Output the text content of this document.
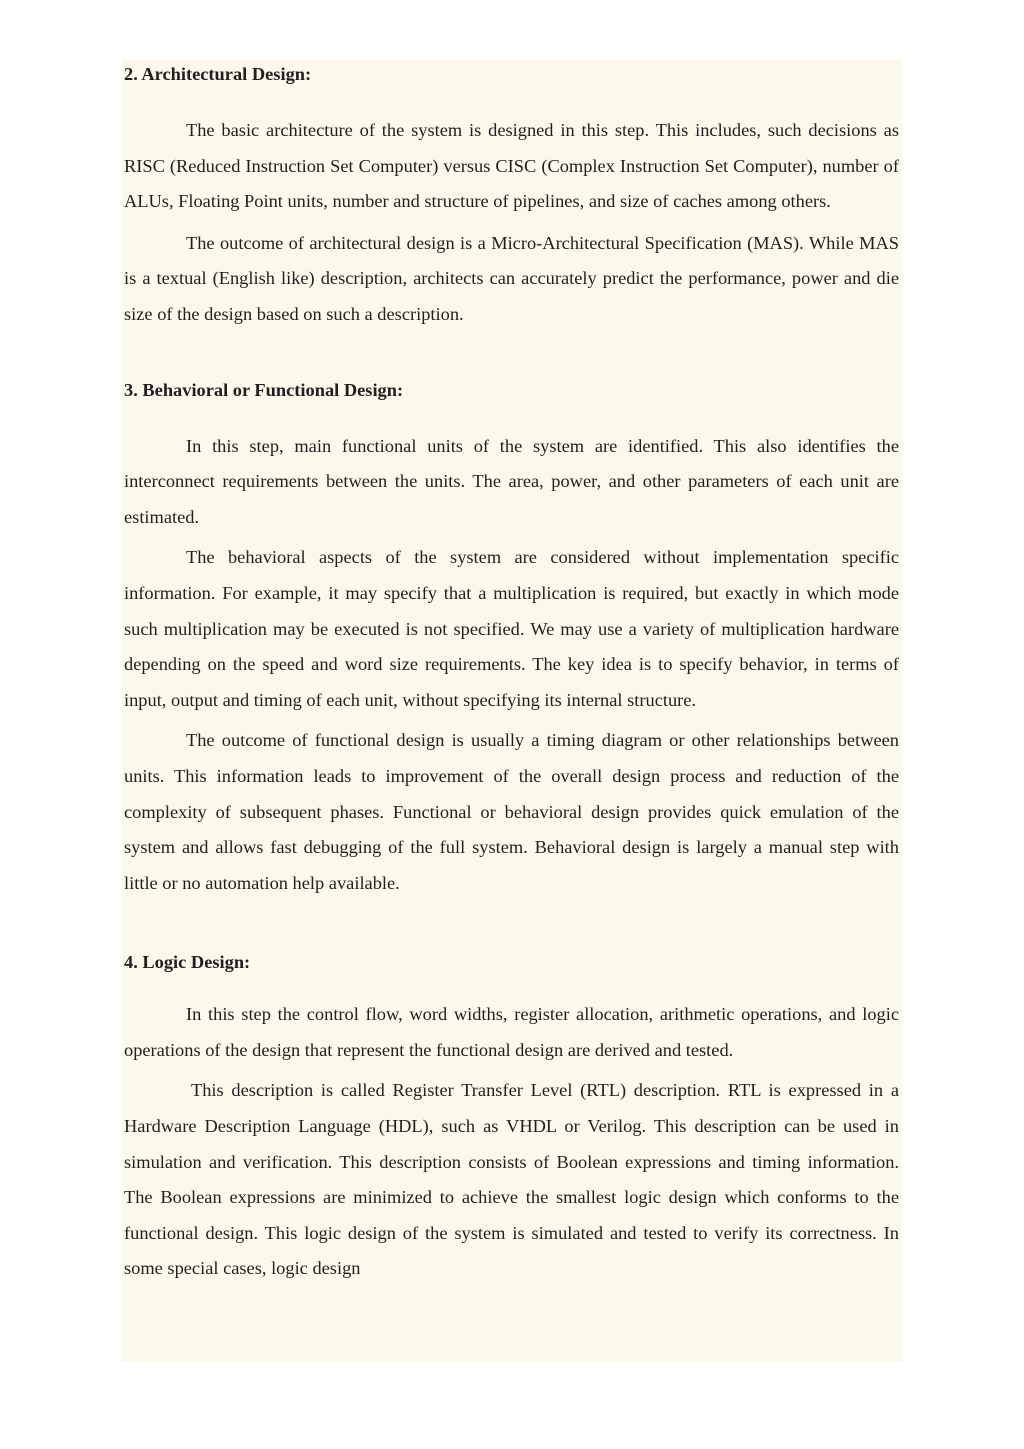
2. Architectural Design:

The basic architecture of the system is designed in this step. This includes, such decisions as RISC (Reduced Instruction Set Computer) versus CISC (Complex Instruction Set Computer), number of ALUs, Floating Point units, number and structure of pipelines, and size of caches among others.

The outcome of architectural design is a Micro-Architectural Specification (MAS). While MAS is a textual (English like) description, architects can accurately predict the performance, power and die size of the design based on such a description.

3. Behavioral or Functional Design:

In this step, main functional units of the system are identified. This also identifies the interconnect requirements between the units. The area, power, and other parameters of each unit are estimated.

The behavioral aspects of the system are considered without implementation specific information. For example, it may specify that a multiplication is required, but exactly in which mode such multiplication may be executed is not specified. We may use a variety of multiplication hardware depending on the speed and word size requirements. The key idea is to specify behavior, in terms of input, output and timing of each unit, without specifying its internal structure.

The outcome of functional design is usually a timing diagram or other relationships between units. This information leads to improvement of the overall design process and reduction of the complexity of subsequent phases. Functional or behavioral design provides quick emulation of the system and allows fast debugging of the full system. Behavioral design is largely a manual step with little or no automation help available.

4. Logic Design:

In this step the control flow, word widths, register allocation, arithmetic operations, and logic operations of the design that represent the functional design are derived and tested.

This description is called Register Transfer Level (RTL) description. RTL is expressed in a Hardware Description Language (HDL), such as VHDL or Verilog. This description can be used in simulation and verification. This description consists of Boolean expressions and timing information. The Boolean expressions are minimized to achieve the smallest logic design which conforms to the functional design. This logic design of the system is simulated and tested to verify its correctness. In some special cases, logic design
